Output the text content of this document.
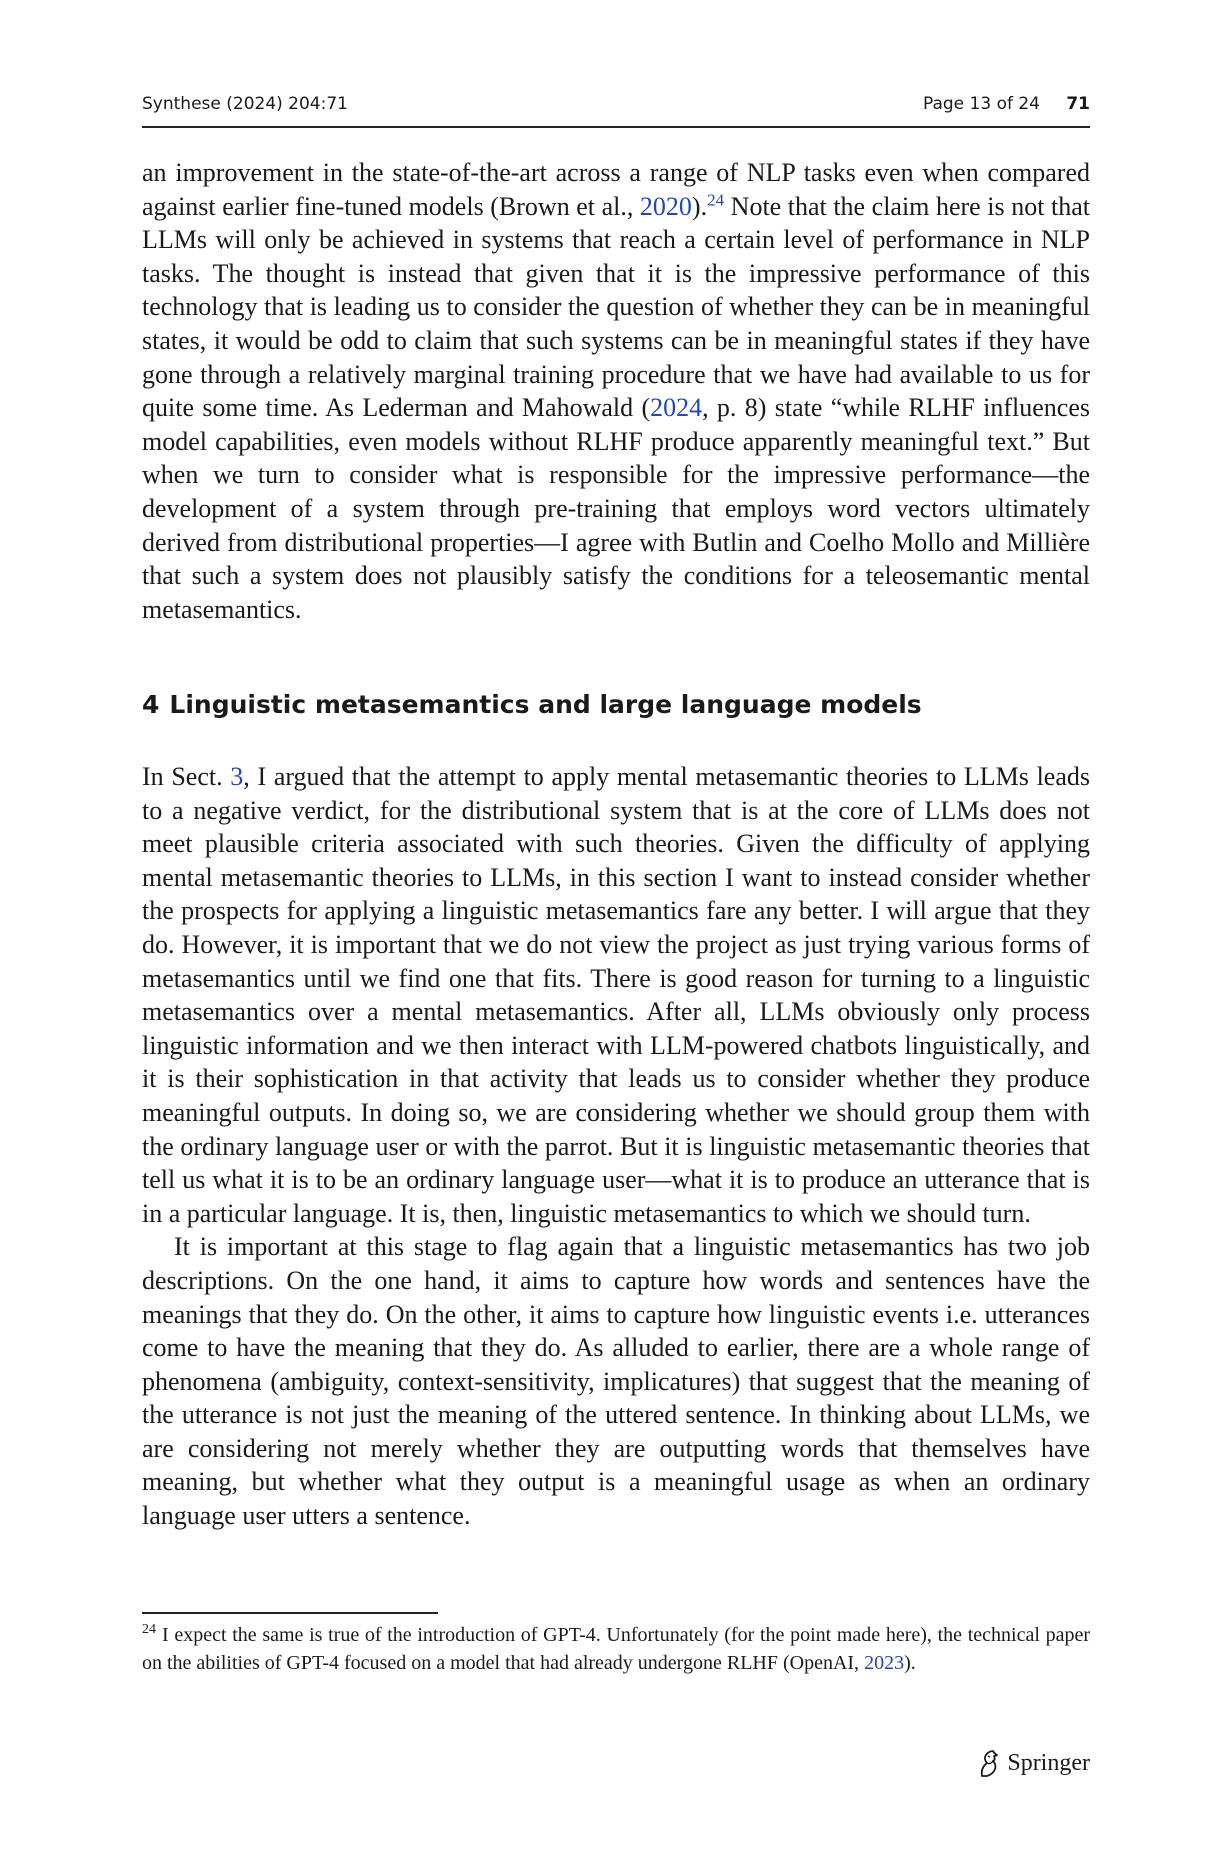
Synthese (2024) 204:71	Page 13 of 24 71

an improvement in the state-of-the-art across a range of NLP tasks even when compared against earlier fine-tuned models (Brown et al., 2020).$^{24}$ Note that the claim here is not that LLMs will only be achieved in systems that reach a certain level of performance in NLP tasks. The thought is instead that given that it is the impressive performance of this technology that is leading us to consider the question of whether they can be in meaningful states, it would be odd to claim that such systems can be in meaningful states if they have gone through a relatively marginal training procedure that we have had available to us for quite some time. As Lederman and Mahowald (2024, p. 8) state “while RLHF influences model capabilities, even models without RLHF produce apparently meaningful text.” But when we turn to consider what is responsible for the impressive performance—the development of a system through pre-training that employs word vectors ultimately derived from distributional properties—I agree with Butlin and Coelho Mollo and Millière that such a system does not plausibly satisfy the conditions for a teleosemantic mental metasemantics.

4 Linguistic metasemantics and large language models

In Sect. 3, I argued that the attempt to apply mental metasemantic theories to LLMs leads to a negative verdict, for the distributional system that is at the core of LLMs does not meet plausible criteria associated with such theories. Given the difficulty of applying mental metasemantic theories to LLMs, in this section I want to instead consider whether the prospects for applying a linguistic metasemantics fare any better. I will argue that they do. However, it is important that we do not view the project as just trying various forms of metasemantics until we find one that fits. There is good reason for turning to a linguistic metasemantics over a mental metasemantics. After all, LLMs obviously only process linguistic information and we then interact with LLM-powered chatbots linguistically, and it is their sophistication in that activity that leads us to consider whether they produce meaningful outputs. In doing so, we are considering whether we should group them with the ordinary language user or with the parrot. But it is linguistic metasemantic theories that tell us what it is to be an ordinary language user—what it is to produce an utterance that is in a particular language. It is, then, linguistic metasemantics to which we should turn.

It is important at this stage to flag again that a linguistic metasemantics has two job descriptions. On the one hand, it aims to capture how words and sentences have the meanings that they do. On the other, it aims to capture how linguistic events i.e. utterances come to have the meaning that they do. As alluded to earlier, there are a whole range of phenomena (ambiguity, context-sensitivity, implicatures) that suggest that the meaning of the utterance is not just the meaning of the uttered sentence. In thinking about LLMs, we are considering not merely whether they are outputting words that themselves have meaning, but whether what they output is a meaningful usage as when an ordinary language user utters a sentence.

$^{24}$ I expect the same is true of the introduction of GPT-4. Unfortunately (for the point made here), the technical paper on the abilities of GPT-4 focused on a model that had already undergone RLHF (OpenAI, 2023).
Springer
